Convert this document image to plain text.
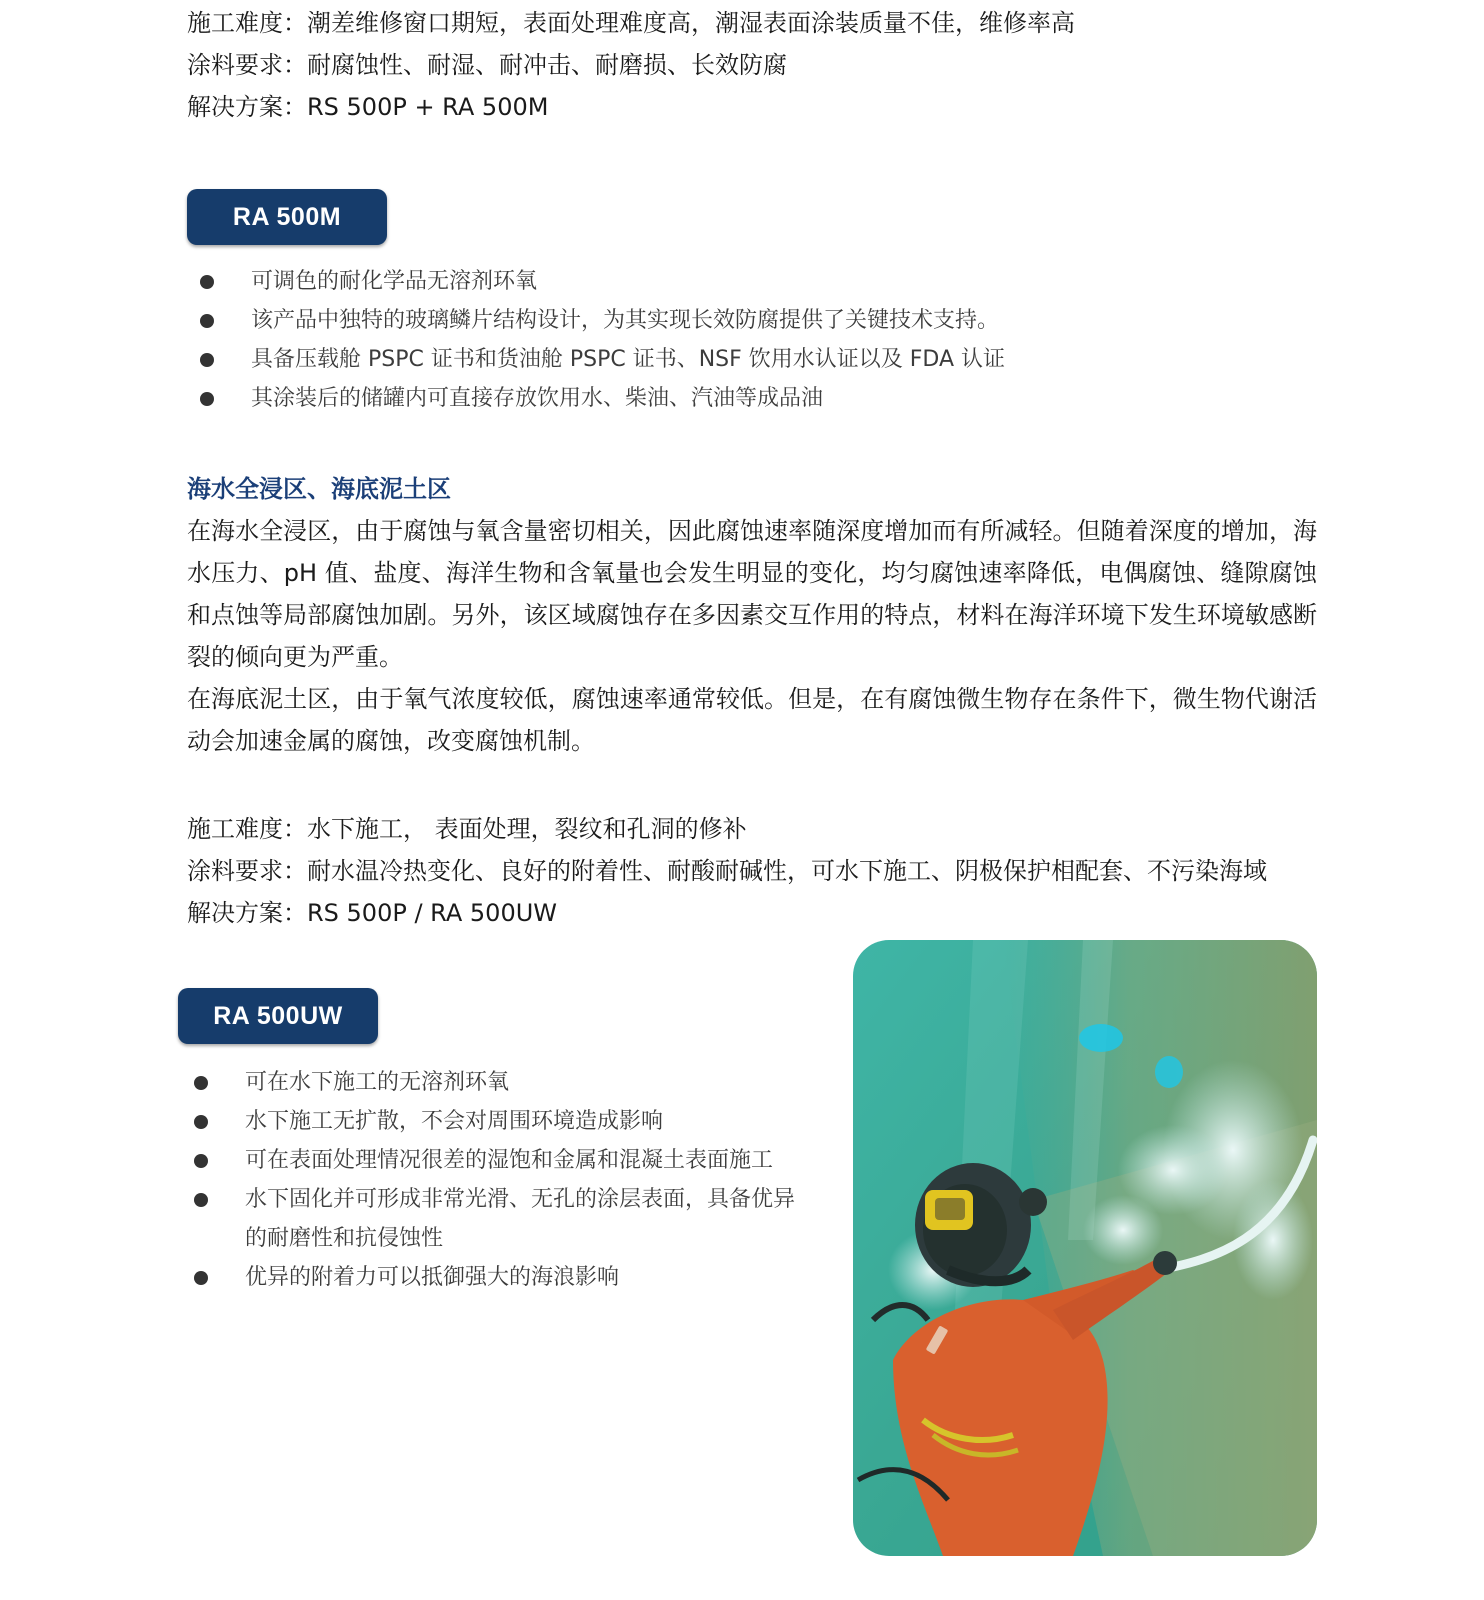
施工难度：潮差维修窗口期短，表面处理难度高，潮湿表面涂装质量不佳，维修率高
涂料要求：耐腐蚀性、耐湿、耐冲击、耐磨损、长效防腐
解决方案：RS 500P + RA 500M
RA 500M
可调色的耐化学品无溶剂环氧
该产品中独特的玻璃鳞片结构设计，为其实现长效防腐提供了关键技术支持。
具备压载舱 PSPC 证书和货油舱 PSPC 证书、NSF 饮用水认证以及 FDA 认证
其涂装后的储罐内可直接存放饮用水、柴油、汽油等成品油
海水全浸区、海底泥土区

在海水全浸区，由于腐蚀与氧含量密切相关，因此腐蚀速率随深度增加而有所减轻。但随着深度的增加，海水压力、pH 值、盐度、海洋生物和含氧量也会发生明显的变化，均匀腐蚀速率降低，电偶腐蚀、缝隙腐蚀和点蚀等局部腐蚀加剧。另外，该区域腐蚀存在多因素交互作用的特点，材料在海洋环境下发生环境敏感断裂的倾向更为严重。

在海底泥土区，由于氧气浓度较低，腐蚀速率通常较低。但是，在有腐蚀微生物存在条件下，微生物代谢活动会加速金属的腐蚀，改变腐蚀机制。

施工难度：水下施工， 表面处理，裂纹和孔洞的修补
涂料要求：耐水温冷热变化、良好的附着性、耐酸耐碱性，可水下施工、阴极保护相配套、不污染海域
解决方案：RS 500P / RA 500UW
RA 500UW
可在水下施工的无溶剂环氧
水下施工无扩散，不会对周围环境造成影响
可在表面处理情况很差的湿饱和金属和混凝土表面施工
水下固化并可形成非常光滑、无孔的涂层表面，具备优异的耐磨性和抗侵蚀性
优异的附着力可以抵御强大的海浪影响
